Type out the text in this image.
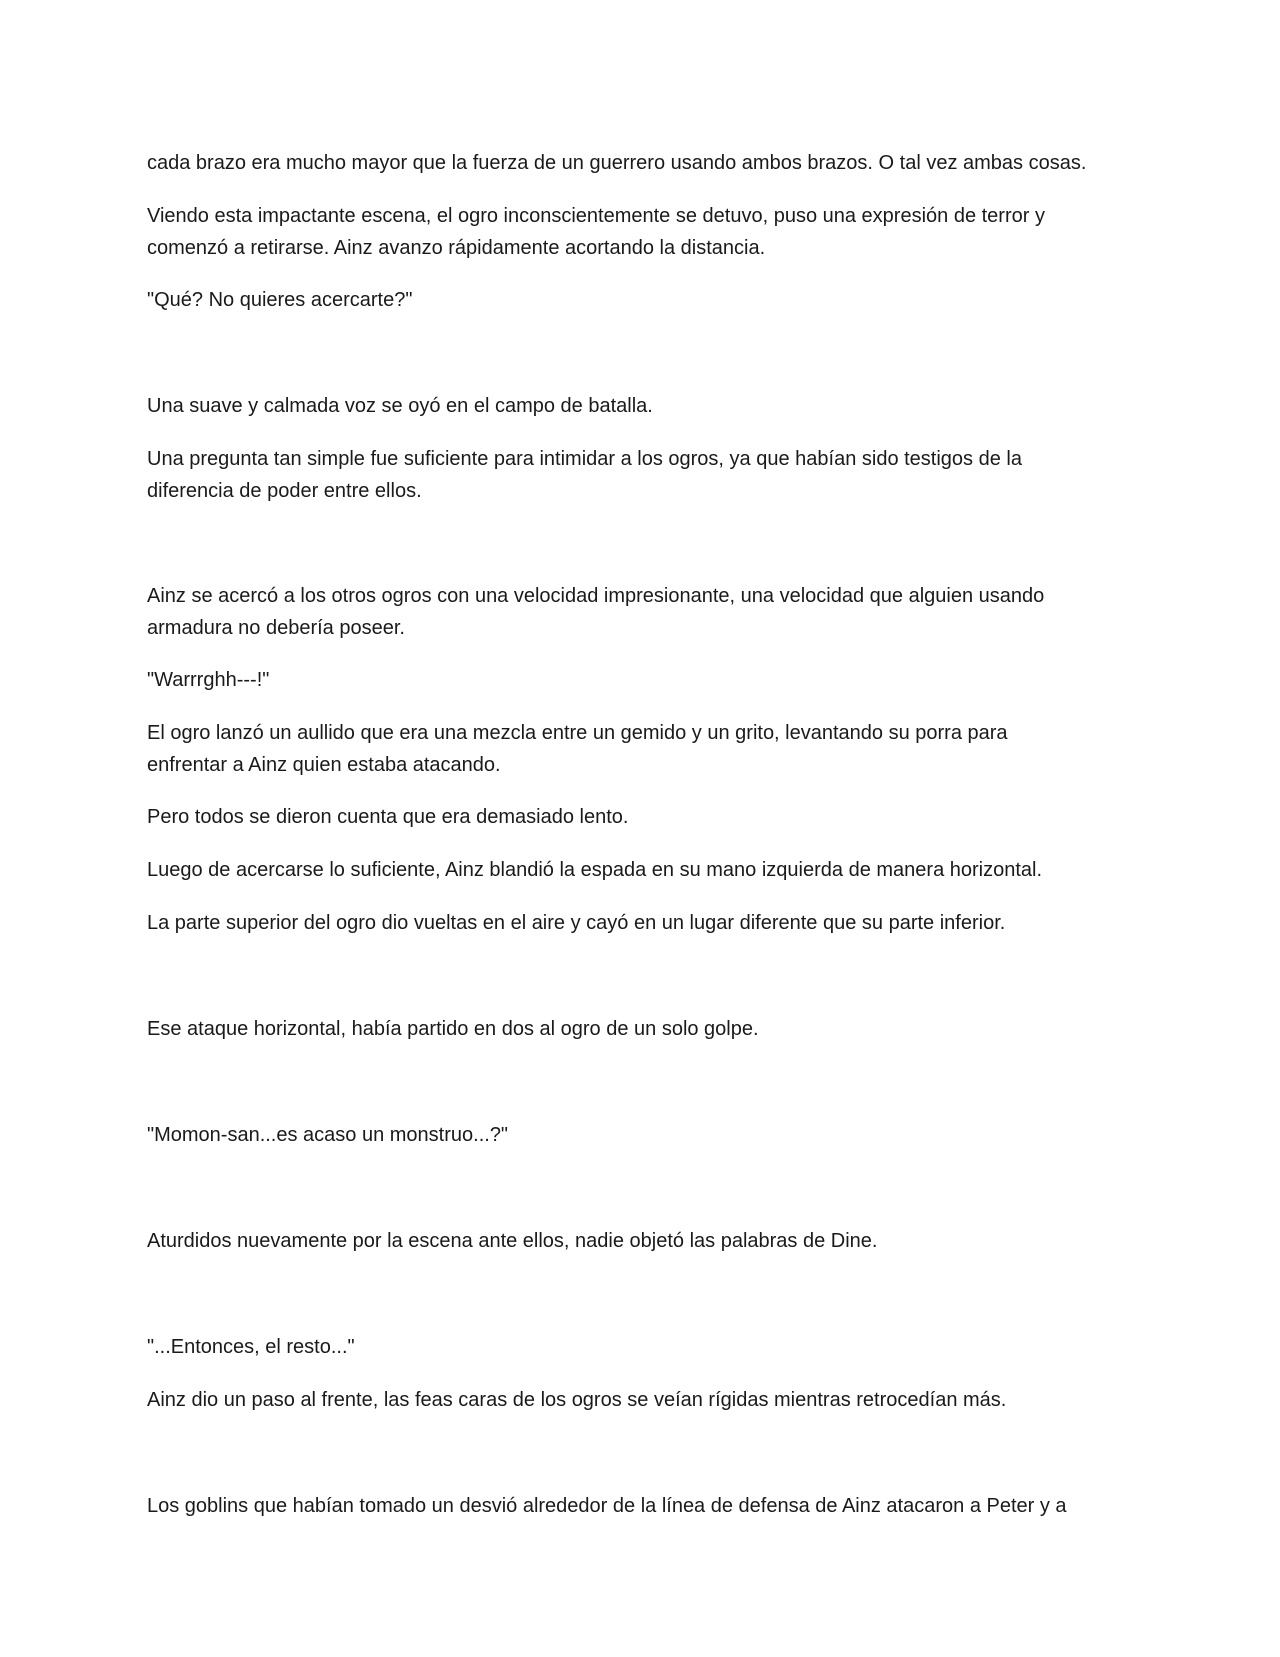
cada brazo era mucho mayor que la fuerza de un guerrero usando ambos brazos. O tal vez ambas cosas.

Viendo esta impactante escena, el ogro inconscientemente se detuvo, puso una expresión de terror y
comenzó a retirarse. Ainz avanzo rápidamente acortando la distancia.

"Qué? No quieres acercarte?"

Una suave y calmada voz se oyó en el campo de batalla.

Una pregunta tan simple fue suficiente para intimidar a los ogros, ya que habían sido testigos de la
diferencia de poder entre ellos.

Ainz se acercó a los otros ogros con una velocidad impresionante, una velocidad que alguien usando
armadura no debería poseer.

"Warrrghh---!"

El ogro lanzó un aullido que era una mezcla entre un gemido y un grito, levantando su porra para
enfrentar a Ainz quien estaba atacando.

Pero todos se dieron cuenta que era demasiado lento.

Luego de acercarse lo suficiente, Ainz blandió la espada en su mano izquierda de manera horizontal.

La parte superior del ogro dio vueltas en el aire y cayó en un lugar diferente que su parte inferior.

Ese ataque horizontal, había partido en dos al ogro de un solo golpe.

"Momon-san...es acaso un monstruo...?"

Aturdidos nuevamente por la escena ante ellos, nadie objetó las palabras de Dine.

"...Entonces, el resto..."

Ainz dio un paso al frente, las feas caras de los ogros se veían rígidas mientras retrocedían más.

Los goblins que habían tomado un desvió alrededor de la línea de defensa de Ainz atacaron a Peter y a
